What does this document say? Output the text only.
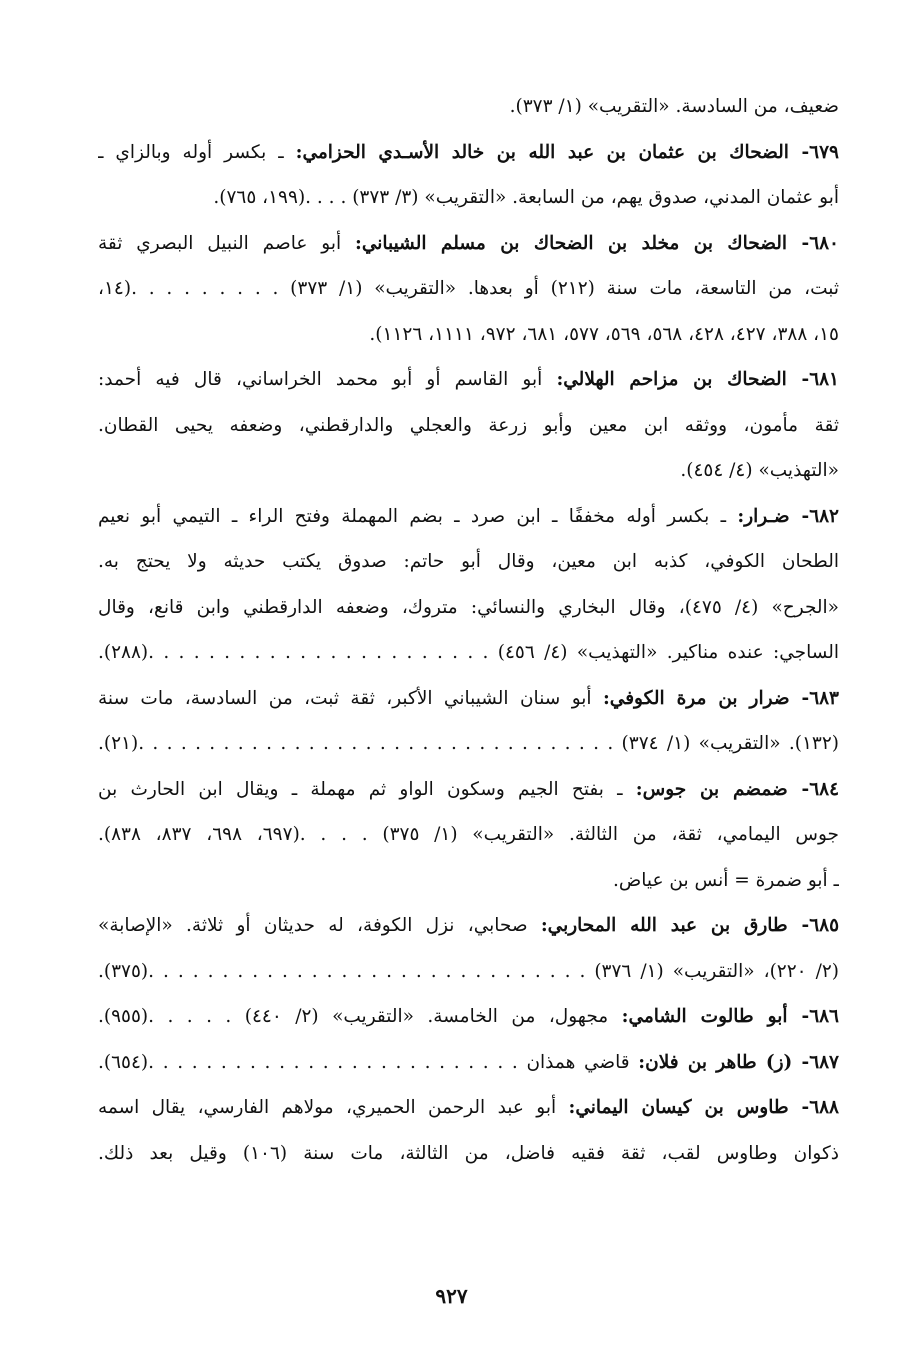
ضعيف، من السادسة. «التقريب» (١/ ٣٧٣).
٦٧٩- الضحاك بن عثمان بن عبد الله بن خالد الأسـدي الحزامي: ـ بكسر أوله وبالزاي ـ
أبو عثمان المدني، صدوق يهم، من السابعة. «التقريب» (٣/ ٣٧٣) . . . .(١٩٩، ٧٦٥).
٦٨٠- الضحاك بن مخلد بن الضحاك بن مسلم الشيباني: أبو عاصم النبيل البصري ثقة
ثبت، من التاسعة، مات سنة (٢١٢) أو بعدها. «التقريب» (١/ ٣٧٣) . . . . . . . . .(١٤،
١٥، ٣٨٨، ٤٢٧، ٤٢٨، ٥٦٨، ٥٦٩، ٥٧٧، ٦٨١، ٩٧٢، ١١١١، ١١٢٦).
٦٨١- الضحاك بن مزاحم الهلالي: أبو القاسم أو أبو محمد الخراساني، قال فيه أحمد:
ثقة مأمون، ووثقه ابن معين وأبو زرعة والعجلي والدارقطني، وضعفه يحيى القطان.
«التهذيب» (٤/ ٤٥٤).
٦٨٢- ضـرار: ـ بكسر أوله مخففًا ـ ابن صرد ـ بضم المهملة وفتح الراء ـ التيمي أبو نعيم
الطحان الكوفي، كذبه ابن معين، وقال أبو حاتم: صدوق يكتب حديثه ولا يحتج به.
«الجرح» (٤/ ٤٧٥)، وقال البخاري والنسائي: متروك، وضعفه الدارقطني وابن قانع، وقال
الساجي: عنده مناكير. «التهذيب» (٤/ ٤٥٦) . . . . . . . . . . . . . . . . . . . . . . .(٢٨٨).
٦٨٣- ضرار بن مرة الكوفي: أبو سنان الشيباني الأكبر، ثقة ثبت، من السادسة، مات سنة
(١٣٢). «التقريب» (١/ ٣٧٤) . . . . . . . . . . . . . . . . . . . . . . . . . . . . . . . . . .(٢١).
٦٨٤- ضمضم بن جوس: ـ بفتح الجيم وسكون الواو ثم مهملة ـ ويقال ابن الحارث بن
جوس اليمامي، ثقة، من الثالثة. «التقريب» (١/ ٣٧٥) . . . .(٦٩٧، ٦٩٨، ٨٣٧، ٨٣٨).
ـ أبو ضمرة = أنس بن عياض.
٦٨٥- طارق بن عبد الله المحاربي: صحابي، نزل الكوفة، له حديثان أو ثلاثة. «الإصابة»
(٢/ ٢٢٠)، «التقريب» (١/ ٣٧٦) . . . . . . . . . . . . . . . . . . . . . . . . . . . . . .(٣٧٥).
٦٨٦- أبو طالوت الشامي: مجهول، من الخامسة. «التقريب» (٢/ ٤٤٠) . . . . .(٩٥٥).
٦٨٧- (ز) طاهر بن فلان: قاضي همذان . . . . . . . . . . . . . . . . . . . . . . . . . .(٦٥٤).
٦٨٨- طاوس بن كيسان اليماني: أبو عبد الرحمن الحميري، مولاهم الفارسي، يقال اسمه
ذكوان وطاوس لقب، ثقة فقيه فاضل، من الثالثة، مات سنة (١٠٦) وقيل بعد ذلك.
٩٢٧
